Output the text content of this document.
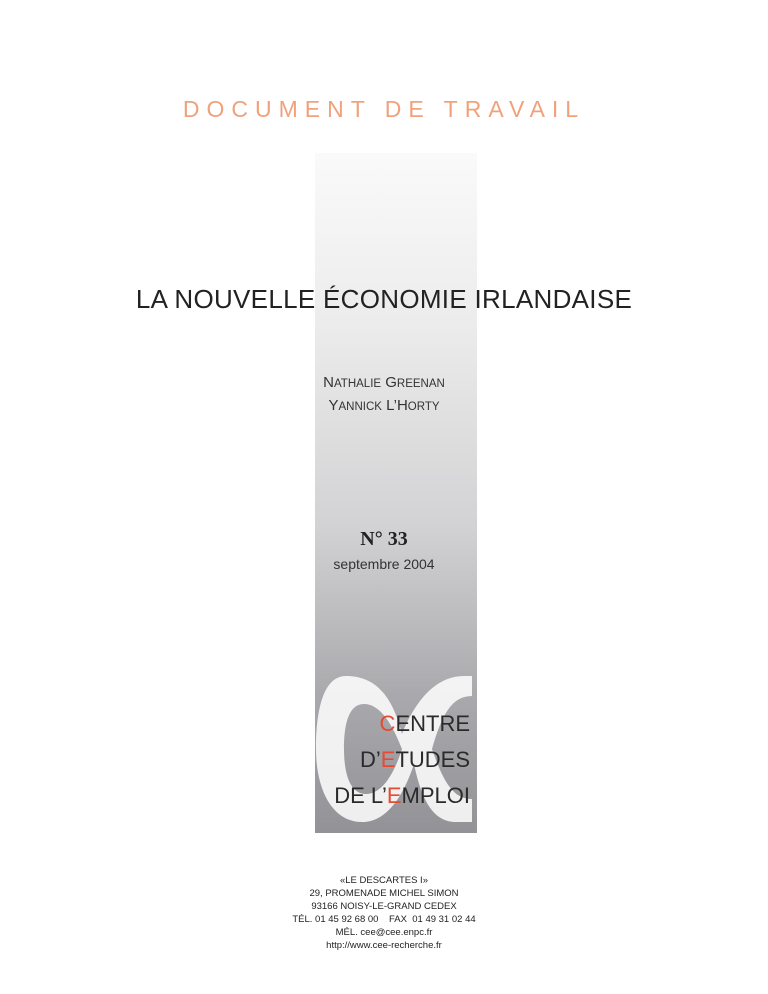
DOCUMENT DE TRAVAIL
LA NOUVELLE ÉCONOMIE IRLANDAISE
NATHALIE GREENAN
YANNICK L’HORTY
N° 33
septembre 2004
CENTRE
D’ETUDES
DE L’EMPLOI
«LE DESCARTES I»
29, PROMENADE MICHEL SIMON
93166 NOISY-LE-GRAND CEDEX
TÉL. 01 45 92 68 00    FAX  01 49 31 02 44
MÉL. cee@cee.enpc.fr
http://www.cee-recherche.fr
